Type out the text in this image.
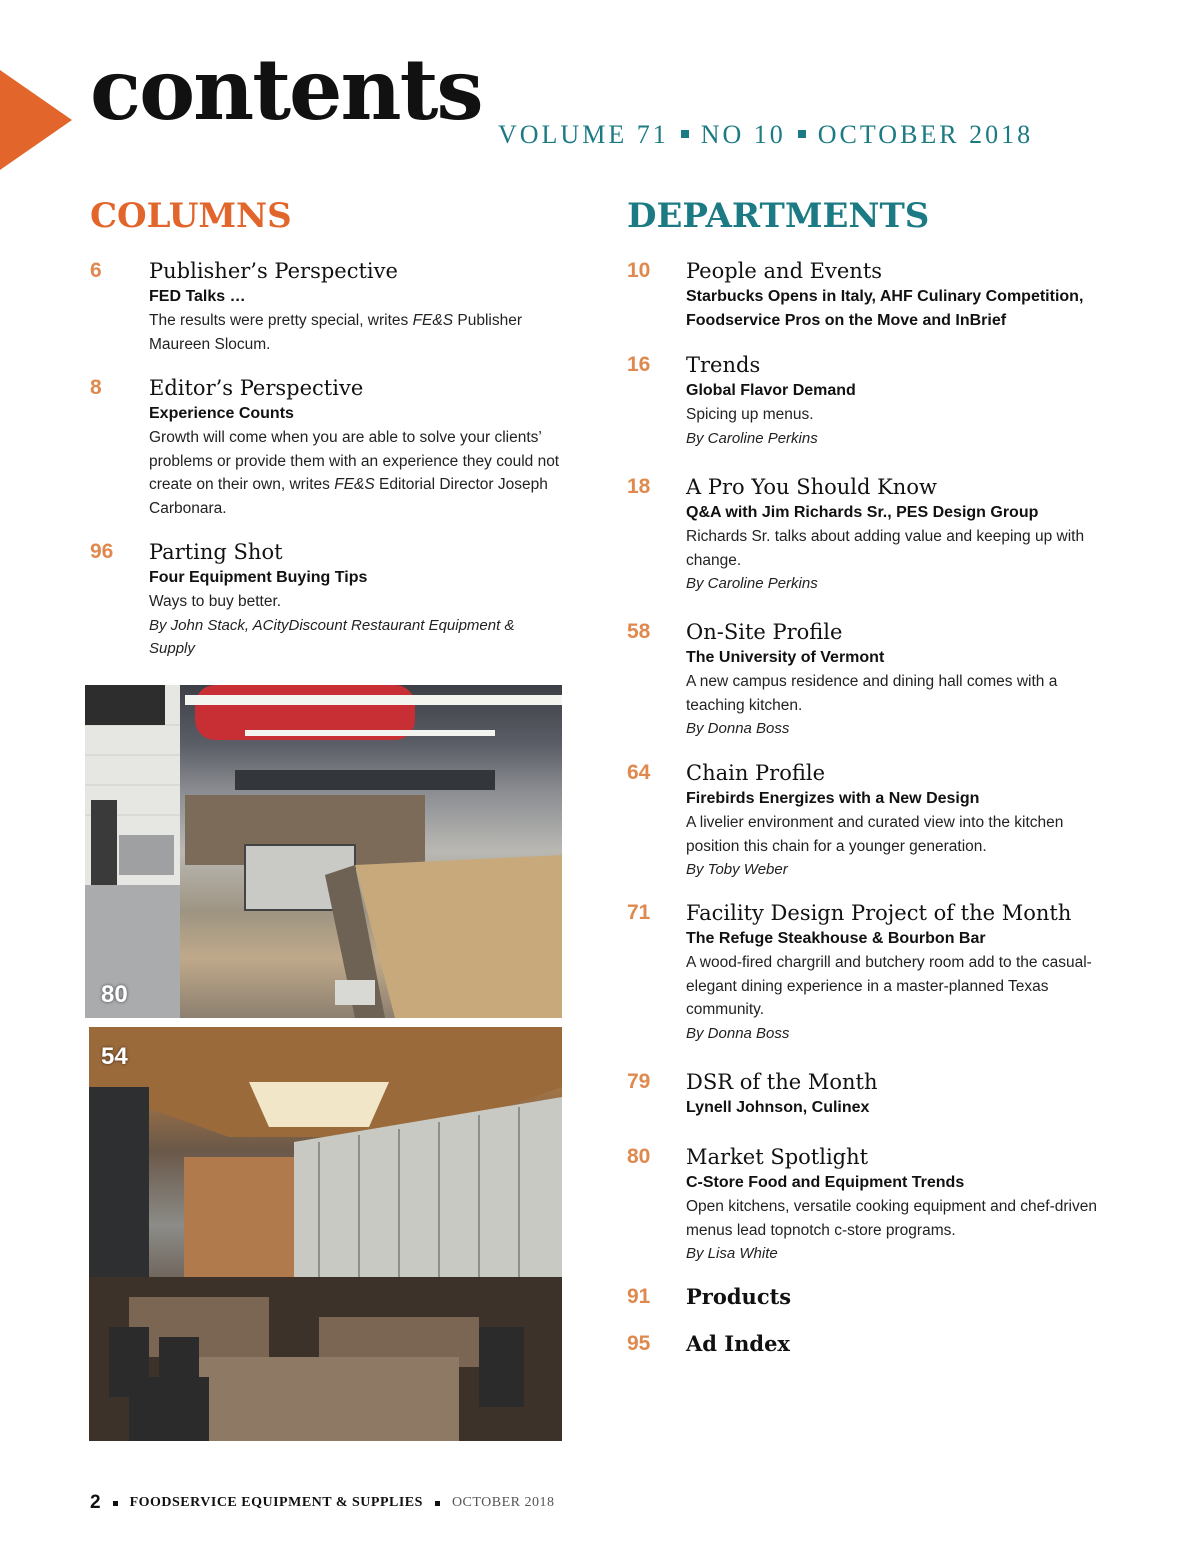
contents VOLUME 71 NO 10 OCTOBER 2018
COLUMNS	DEPARTMENTS
6	Publisher’s Perspective
FED Talks …
The results were pretty special, writes FE&S Publisher Maureen Slocum.
8	Editor’s Perspective
Experience Counts
Growth will come when you are able to solve your clients’ problems or provide them with an experience they could not create on their own, writes FE&S Editorial Director Joseph Carbonara.
96	Parting Shot
Four Equipment Buying Tips
Ways to buy better.
By John Stack, ACityDiscount Restaurant Equipment & Supply
80
54
10	People and Events
Starbucks Opens in Italy, AHF Culinary Competition, Foodservice Pros on the Move and InBrief
16	Trends
Global Flavor Demand
Spicing up menus.
By Caroline Perkins
18	A Pro You Should Know
Q&A with Jim Richards Sr., PES Design Group
Richards Sr. talks about adding value and keeping up with change.
By Caroline Perkins
58	On-Site Profile
The University of Vermont
A new campus residence and dining hall comes with a teaching kitchen.
By Donna Boss
64	Chain Profile
Firebirds Energizes with a New Design
A livelier environment and curated view into the kitchen position this chain for a younger generation.
By Toby Weber
71	Facility Design Project of the Month
The Refuge Steakhouse & Bourbon Bar
A wood-fired chargrill and butchery room add to the casual-elegant dining experience in a master-planned Texas community.
By Donna Boss
79	DSR of the Month
Lynell Johnson, Culinex
80	Market Spotlight
C-Store Food and Equipment Trends
Open kitchens, versatile cooking equipment and chef-driven menus lead topnotch c-store programs.
By Lisa White
91	Products
95	Ad Index
2 FOODSERVICE EQUIPMENT & SUPPLIES OCTOBER 2018
